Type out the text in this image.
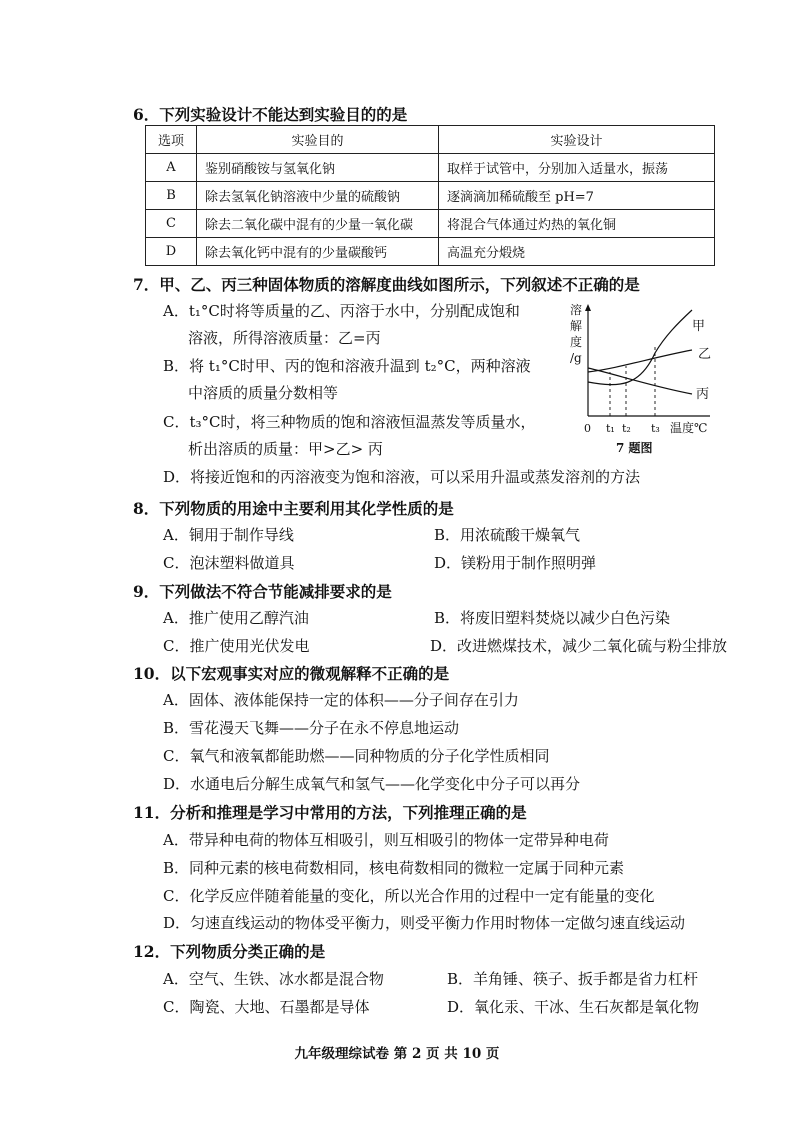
6．下列实验设计不能达到实验目的的是
选项	实验目的	实验设计
A	鉴别硝酸铵与氢氧化钠	取样于试管中，分别加入适量水，振荡
B	除去氢氧化钠溶液中少量的硫酸钠	逐滴滴加稀硫酸至 pH=7
C	除去二氧化碳中混有的少量一氧化碳	将混合气体通过灼热的氧化铜
D	除去氧化钙中混有的少量碳酸钙	高温充分煅烧
7．甲、乙、丙三种固体物质的溶解度曲线如图所示，下列叙述不正确的是
A．t₁°C时将等质量的乙、丙溶于水中，分别配成饱和
溶液，所得溶液质量：乙=丙
B．将 t₁°C时甲、丙的饱和溶液升温到 t₂°C，两种溶液
中溶质的质量分数相等
C．t₃°C时，将三种物质的饱和溶液恒温蒸发等质量水，
析出溶质的质量：甲>乙> 丙
D．将接近饱和的丙溶液变为饱和溶液，可以采用升温或蒸发溶剂的方法
溶
解
度
/g
甲
乙
丙
0 t₁ t₂ t₃ 温度℃
7 题图
8．下列物质的用途中主要利用其化学性质的是
A．铜用于制作导线	B．用浓硫酸干燥氧气
C．泡沫塑料做道具	D．镁粉用于制作照明弹
9．下列做法不符合节能减排要求的是
A．推广使用乙醇汽油	B．将废旧塑料焚烧以减少白色污染
C．推广使用光伏发电	D．改进燃煤技术，减少二氧化硫与粉尘排放
10．以下宏观事实对应的微观解释不正确的是
A．固体、液体能保持一定的体积——分子间存在引力
B．雪花漫天飞舞——分子在永不停息地运动
C．氧气和液氧都能助燃——同种物质的分子化学性质相同
D．水通电后分解生成氧气和氢气——化学变化中分子可以再分
11．分析和推理是学习中常用的方法，下列推理正确的是
A．带异种电荷的物体互相吸引，则互相吸引的物体一定带异种电荷
B．同种元素的核电荷数相同，核电荷数相同的微粒一定属于同种元素
C．化学反应伴随着能量的变化，所以光合作用的过程中一定有能量的变化
D．匀速直线运动的物体受平衡力，则受平衡力作用时物体一定做匀速直线运动
12．下列物质分类正确的是
A．空气、生铁、冰水都是混合物	B．羊角锤、筷子、扳手都是省力杠杆
C．陶瓷、大地、石墨都是导体	D．氧化汞、干冰、生石灰都是氧化物
九年级理综试卷 第 2 页 共 10 页
